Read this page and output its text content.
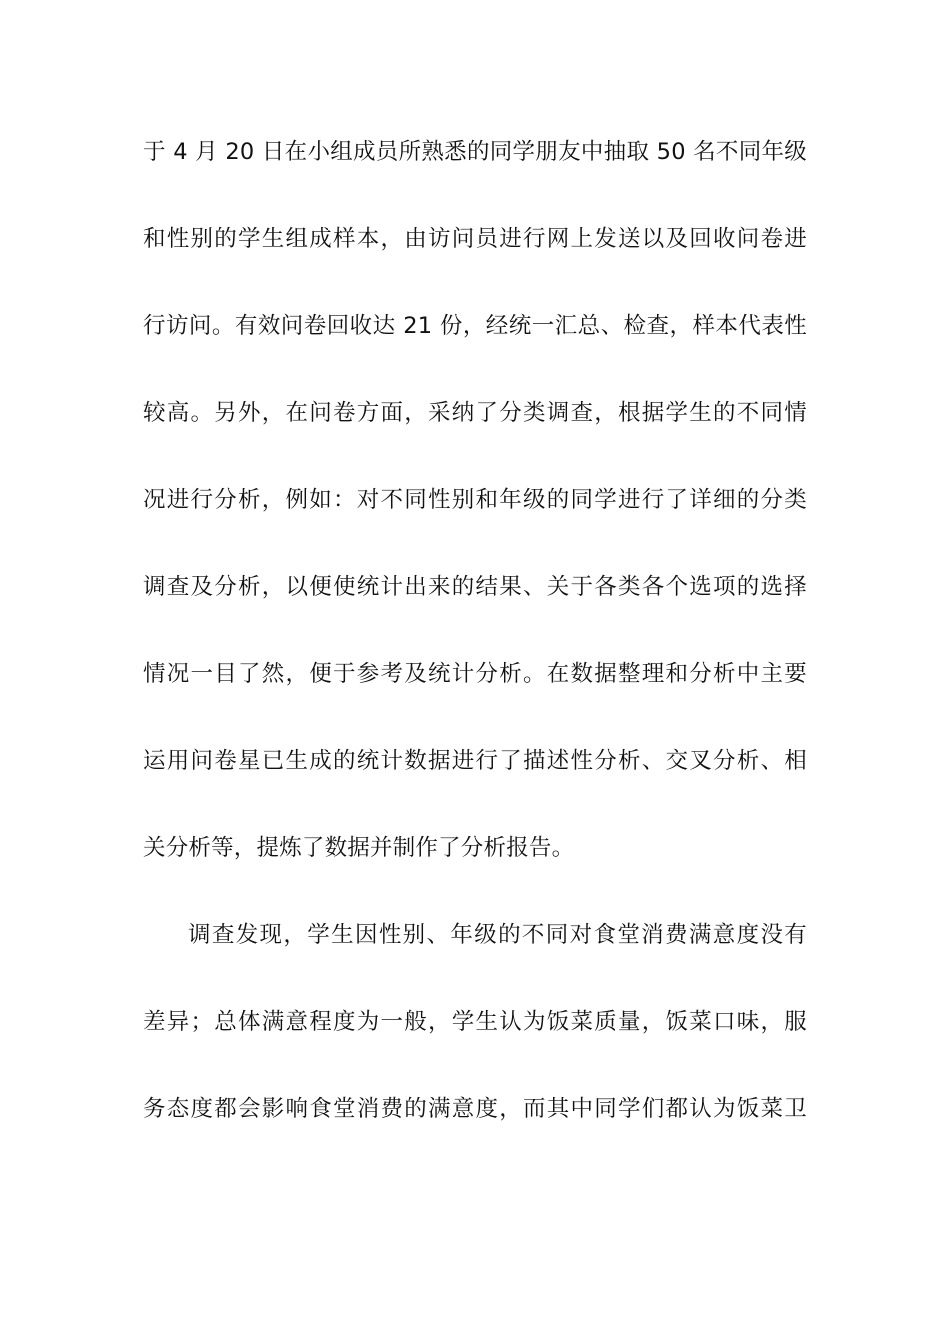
于 4 月 20 日在小组成员所熟悉的同学朋友中抽取 50 名不同年级
和性别的学生组成样本，由访问员进行网上发送以及回收问卷进
行访问。有效问卷回收达 21 份，经统一汇总、检查，样本代表性
较高。另外，在问卷方面，采纳了分类调查，根据学生的不同情
况进行分析，例如：对不同性别和年级的同学进行了详细的分类
调查及分析，以便使统计出来的结果、关于各类各个选项的选择
情况一目了然，便于参考及统计分析。在数据整理和分析中主要
运用问卷星已生成的统计数据进行了描述性分析、交叉分析、相
关分析等，提炼了数据并制作了分析报告。
调查发现，学生因性别、年级的不同对食堂消费满意度没有
差异；总体满意程度为一般，学生认为饭菜质量，饭菜口味，服
务态度都会影响食堂消费的满意度，而其中同学们都认为饭菜卫
